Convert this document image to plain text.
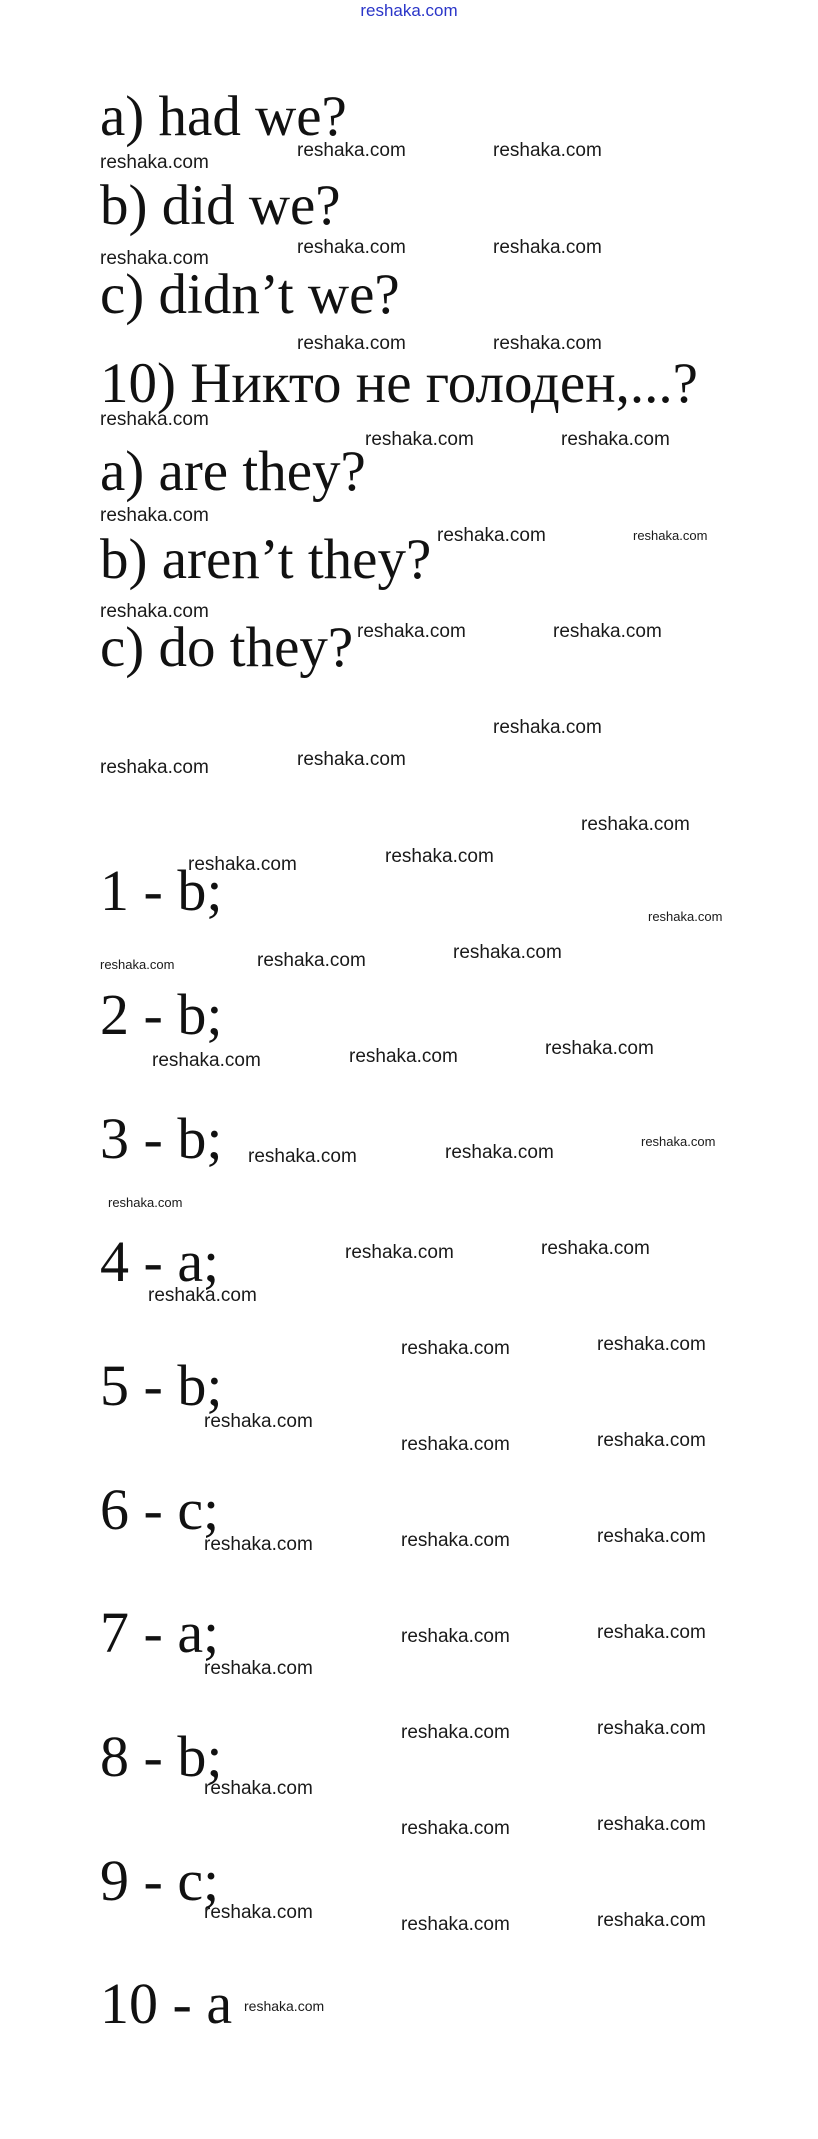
reshaka.com
a) had we?
b) did we?
c) didn’t we?
10) Никто не голоден,...?
a) are they?
b) aren’t they?
c) do they?
1 - b;
2 - b;
3 - b;
4 - a;
5 - b;
6 - c;
7 - a;
8 - b;
9 - c;
10 - a
reshaka.com
reshaka.com	reshaka.com
reshaka.com
reshaka.com	reshaka.com
reshaka.com	reshaka.com
reshaka.com
reshaka.com	reshaka.com
reshaka.com
reshaka.com	reshaka.com
reshaka.com
reshaka.com	reshaka.com
reshaka.com
reshaka.com
reshaka.com
reshaka.com
reshaka.com
reshaka.com
reshaka.com
reshaka.com
reshaka.com
reshaka.com
reshaka.com
reshaka.com
reshaka.com
reshaka.com
reshaka.com
reshaka.com
reshaka.com
reshaka.com
reshaka.com
reshaka.com
reshaka.com
reshaka.com
reshaka.com
reshaka.com
reshaka.com
reshaka.com
reshaka.com
reshaka.com
reshaka.com
reshaka.com
reshaka.com
reshaka.com
reshaka.com
reshaka.com
reshaka.com
reshaka.com
reshaka.com	reshaka.com
reshaka.com
reshaka.com
